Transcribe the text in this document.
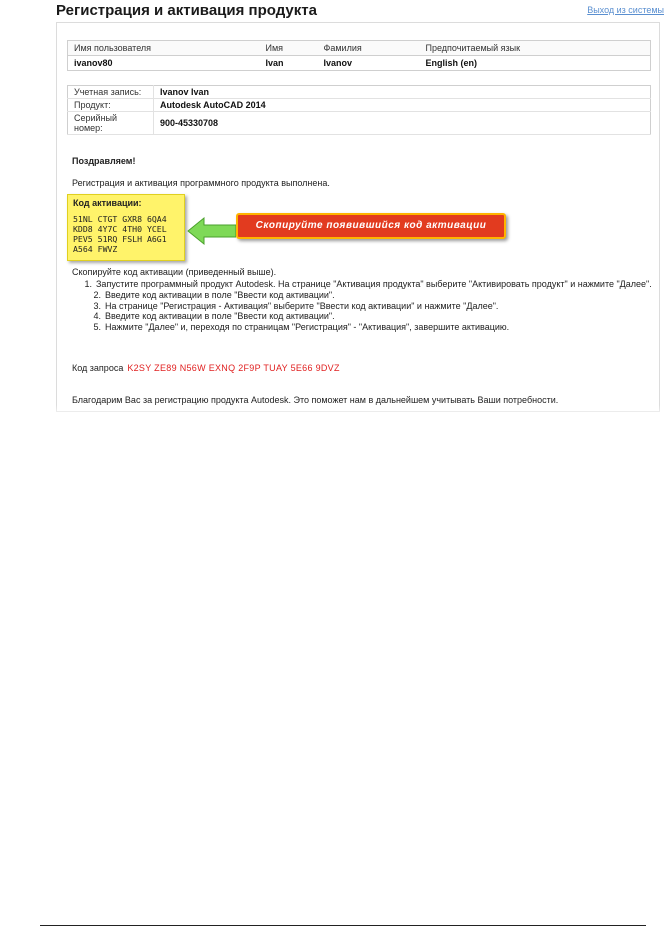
Регистрация и активация продукта	Выход из системы
Имя пользователя	Имя	Фамилия	Предпочитаемый язык
ivanov80	Ivan	Ivanov	English (en)
Учетная запись:	Ivanov Ivan
Продукт:	Autodesk AutoCAD 2014
Серийный номер:	900-45330708
Поздравляем!
Регистрация и активация программного продукта выполнена.
Код активации:
51NL CTGT GXR8 6QA4
KDD8 4Y7C 4TH0 YCEL
PEV5 51RQ FSLH A6G1
A564 FWVZ
Скопируйте появившийся код активации
Скопируйте код активации (приведенный выше).
1. Запустите программный продукт Autodesk. На странице "Активация продукта" выберите "Активировать продукт" и нажмите "Далее".
2. Введите код активации в поле "Ввести код активации".
3. На странице "Регистрация - Активация" выберите "Ввести код активации" и нажмите "Далее".
4. Введите код активации в поле "Ввести код активации".
5. Нажмите "Далее" и, переходя по страницам "Регистрация" - "Активация", завершите активацию.
Код запроса K2SY ZE89 N56W EXNQ 2F9P TUAY 5E66 9DVZ
Благодарим Вас за регистрацию продукта Autodesk. Это поможет нам в дальнейшем учитывать Ваши потребности.
